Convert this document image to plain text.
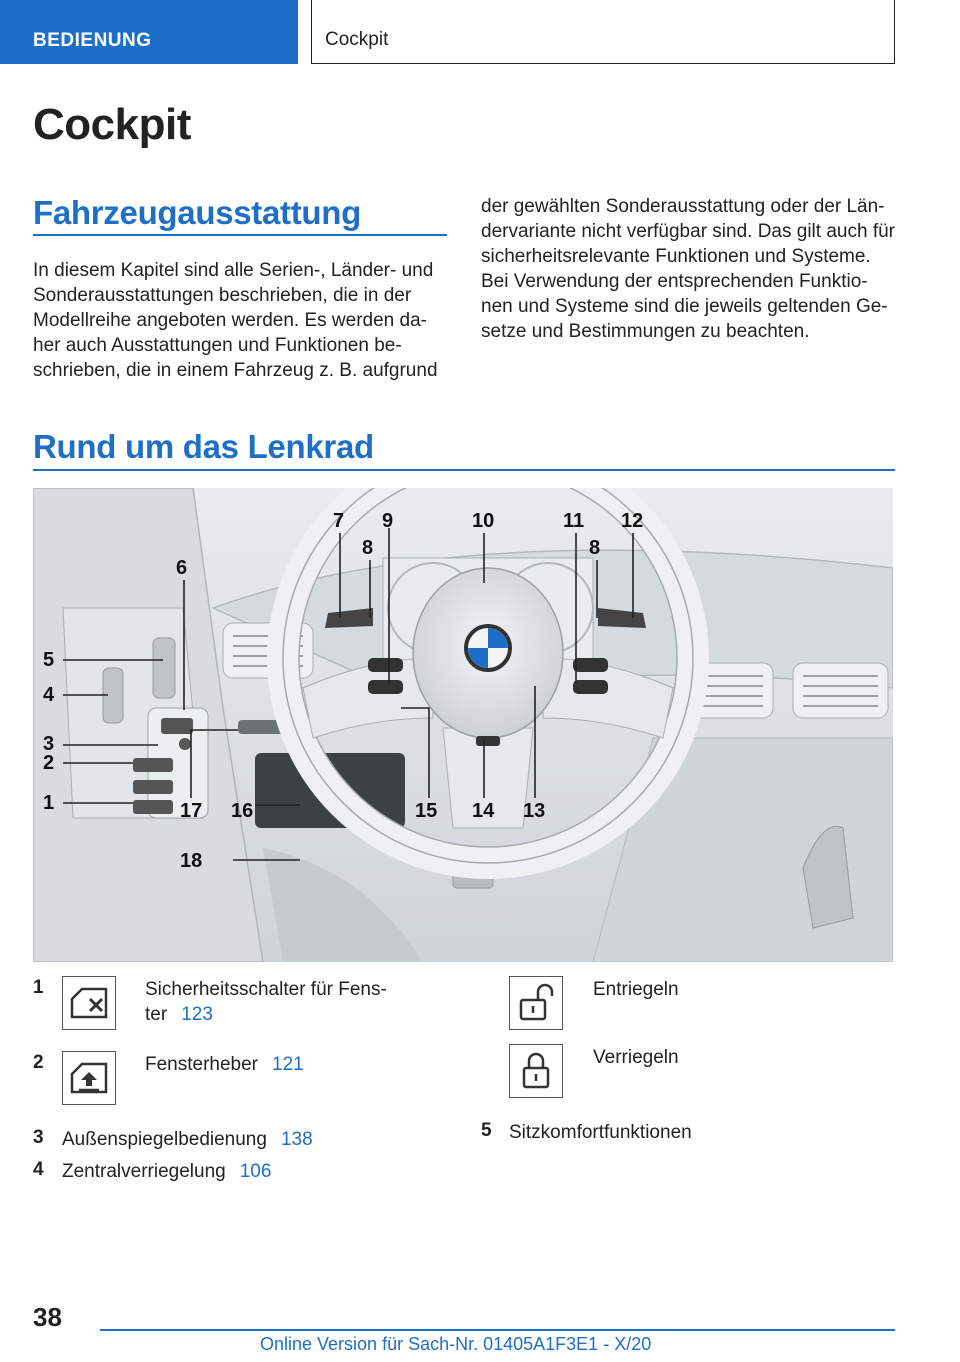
BEDIENUNG	Cockpit
Cockpit
Fahrzeugausstattung
In diesem Kapitel sind alle Serien-, Länder- und
Sonderausstattungen beschrieben, die in der
Modellreihe angeboten werden. Es werden da-
her auch Ausstattungen und Funktionen be-
schrieben, die in einem Fahrzeug z. B. aufgrund
der gewählten Sonderausstattung oder der Län-
dervariante nicht verfügbar sind. Das gilt auch für
sicherheitsrelevante Funktionen und Systeme.
Bei Verwendung der entsprechenden Funktio-
nen und Systeme sind die jeweils geltenden Ge-
setze und Bestimmungen zu beachten.
Rund um das Lenkrad
1
2
3
4
5
6
7
8
9	10	11
8
12
13
14
15
16
17
18
1	Sicherheitsschalter für Fens-
ter 123
2	Fensterheber 121
3 Außenspiegelbedienung 138
4 Zentralverriegelung 106
Entriegeln
Verriegeln
5 Sitzkomfortfunktionen
38
Online Version für Sach-Nr. 01405A1F3E1 - X/20
